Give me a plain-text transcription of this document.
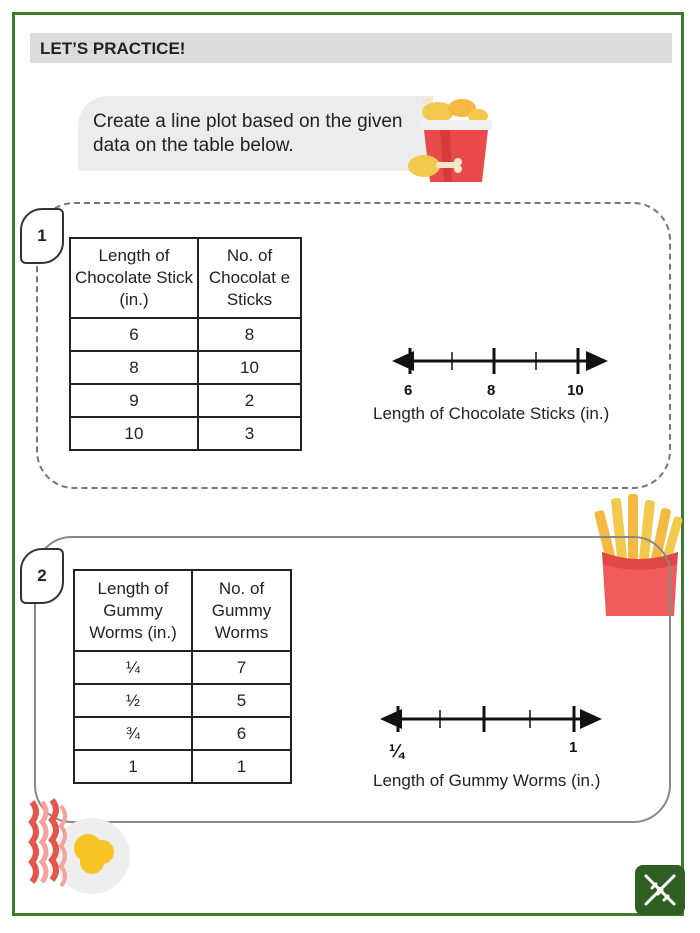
LET’S PRACTICE!
Create a line plot based on the given data on the table below.
1
Length of Chocolate Stick (in.)	No. of Chocolat e Sticks
6	8
8	10
9	2
10	3
6	8	10
Length of Chocolate Sticks (in.)
2
Length of Gummy Worms (in.)	No. of Gummy Worms
¼	7
½	5
¾	6
1	1
¼	1
Length of Gummy Worms (in.)
